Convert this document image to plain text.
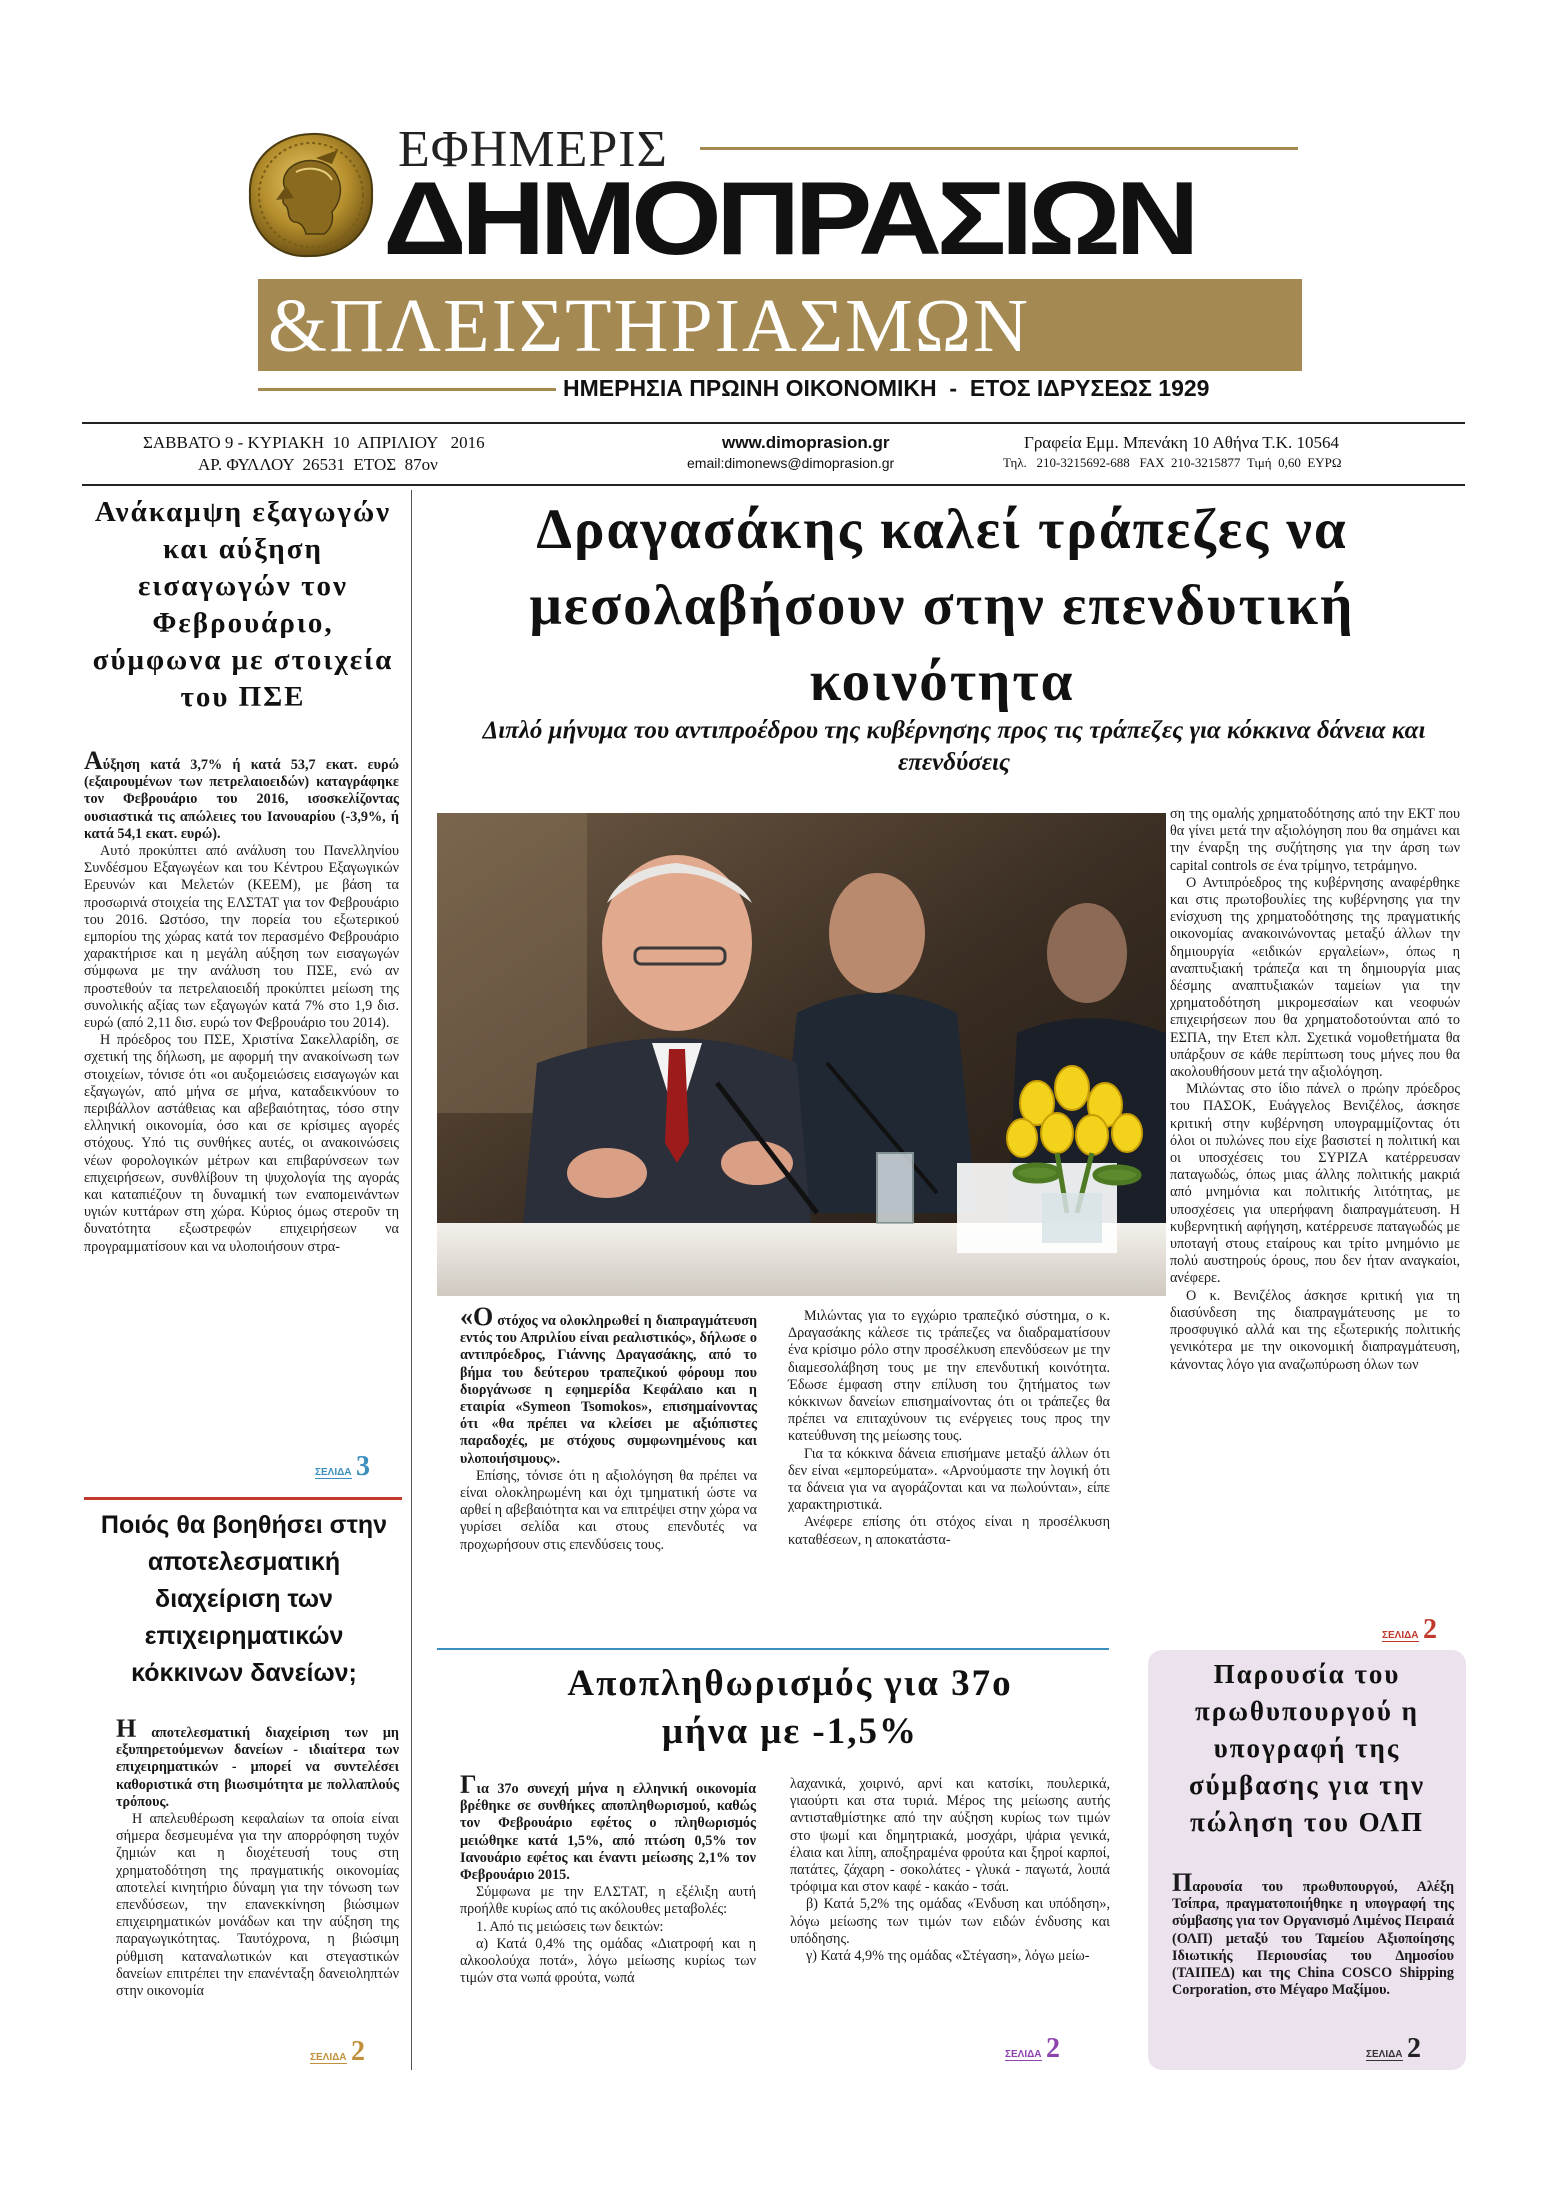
ΕΦΗΜΕΡΙΣ
ΔΗΜΟΠΡΑΣΙΩΝ
&ΠΛΕΙΣΤΗΡΙΑΣΜΩΝ
ΗΜΕΡΗΣΙΑ ΠΡΩΙΝΗ ΟΙΚΟΝΟΜΙΚΗ  -  ΕΤΟΣ ΙΔΡΥΣΕΩΣ 1929
ΣΑΒΒΑΤΟ 9 - ΚΥΡΙΑΚΗ  10  ΑΠΡΙΛΙΟΥ   2016
ΑΡ. ΦΥΛΛΟΥ  26531  ΕΤΟΣ  87ον
www.dimoprasion.gr
email:dimonews@dimoprasion.gr
Γραφεία Εμμ. Μπενάκη 10 Αθήνα Τ.Κ. 10564
Τηλ.   210-3215692-688   FAX  210-3215877  Τιμή  0,60  ΕΥΡΩ
Ανάκαμψη εξαγωγών και αύξηση εισαγωγών τον Φεβρουάριο, σύμφωνα με στοιχεία του ΠΣΕ

Αύξηση κατά 3,7% ή κατά 53,7 εκατ. ευρώ (εξαιρουμένων των πετρελαιοειδών) καταγράφηκε τον Φεβρουάριο του 2016, ισοσκελίζοντας ουσιαστικά τις απώλειες του Ιανουαρίου (-3,9%, ή κατά 54,1 εκατ. ευρώ).

Αυτό προκύπτει από ανάλυση του Πανελληνίου Συνδέσμου Εξαγωγέων και του Κέντρου Εξαγωγικών Ερευνών και Μελετών (ΚΕΕΜ), με βάση τα προσωρινά στοιχεία της ΕΛΣΤΑΤ για τον Φεβρουάριο του 2016. Ωστόσο, την πορεία του εξωτερικού εμπορίου της χώρας κατά τον περασμένο Φεβρουάριο χαρακτήρισε και η μεγάλη αύξηση των εισαγωγών σύμφωνα με την ανάλυση του ΠΣΕ, ενώ αν προστεθούν τα πετρελαιοειδή προκύπτει μείωση της συνολικής αξίας των εξαγωγών κατά 7% στο 1,9 δισ. ευρώ (από 2,11 δισ. ευρώ τον Φεβρουάριο του 2014).

Η πρόεδρος του ΠΣΕ, Χριστίνα Σακελλαρίδη, σε σχετική της δήλωση, με αφορμή την ανακοίνωση των στοιχείων, τόνισε ότι «οι αυξομειώσεις εισαγωγών και εξαγωγών, από μήνα σε μήνα, καταδεικνύουν το περιβάλλον αστάθειας και αβεβαιότητας, τόσο στην ελληνική οικονομία, όσο και σε κρίσιμες αγορές στόχους. Υπό τις συνθήκες αυτές, οι ανακοινώσεις νέων φορολογικών μέτρων και επιβαρύνσεων των επιχειρήσεων, συνθλίβουν τη ψυχολογία της αγοράς και καταπιέζουν τη δυναμική των εναπομεινάντων υγιών κυττάρων στη χώρα. Κύριος όμως στεροῦν τη δυνατότητα εξωστρεφών επιχειρήσεων να προγραμματίσουν και να υλοποιήσουν στρα-

ΣΕΛΙΔΑ 3
Ποιός θα βοηθήσει στην αποτελεσματική διαχείριση των επιχειρηματικών κόκκινων δανείων;

Η αποτελεσματική διαχείριση των μη εξυπηρετούμενων δανείων - ιδιαίτερα των επιχειρηματικών - μπορεί να συντελέσει καθοριστικά στη βιωσιμότητα με πολλαπλούς τρόπους.

Η απελευθέρωση κεφαλαίων τα οποία είναι σήμερα δεσμευμένα για την απορρόφηση τυχόν ζημιών και η διοχέτευσή τους στη χρηματοδότηση της πραγματικής οικονομίας αποτελεί κινητήριο δύναμη για την τόνωση των επενδύσεων, την επανεκκίνηση βιώσιμων επιχειρηματικών μονάδων και την αύξηση της παραγωγικότητας. Ταυτόχρονα, η βιώσιμη ρύθμιση καταναλωτικών και στεγαστικών δανείων επιτρέπει την επανένταξη δανειοληπτών στην οικονομία

ΣΕΛΙΔΑ 2
Δραγασάκης καλεί τράπεζες να μεσολαβήσουν στην επενδυτική κοινότητα
Διπλό μήνυμα του αντιπροέδρου της κυβέρνησης προς τις τράπεζες για κόκκινα δάνεια και επενδύσεις

«Ο στόχος να ολοκληρωθεί η διαπραγμάτευση εντός του Απριλίου είναι ρεαλιστικός», δήλωσε ο αντιπρόεδρος, Γιάννης Δραγασάκης, από το βήμα του δεύτερου τραπεζικού φόρουμ που διοργάνωσε η εφημερίδα Κεφάλαιο και η εταιρία «Symeon Tsomokos», επισημαίνοντας ότι «θα πρέπει να κλείσει με αξιόπιστες παραδοχές, με στόχους συμφωνημένους και υλοποιήσιμους».

Επίσης, τόνισε ότι η αξιολόγηση θα πρέπει να είναι ολοκληρωμένη και όχι τμηματική ώστε να αρθεί η αβεβαιότητα και να επιτρέψει στην χώρα να γυρίσει σελίδα και στους επενδυτές να προχωρήσουν στις επενδύσεις τους.

Μιλώντας για το εγχώριο τραπεζικό σύστημα, ο κ. Δραγασάκης κάλεσε τις τράπεζες να διαδραματίσουν ένα κρίσιμο ρόλο στην προσέλκυση επενδύσεων με την διαμεσολάβηση τους με την επενδυτική κοινότητα. Έδωσε έμφαση στην επίλυση του ζητήματος των κόκκινων δανείων επισημαίνοντας ότι οι τράπεζες θα πρέπει να επιταχύνουν τις ενέργειες τους προς την κατεύθυνση της μείωσης τους.

Για τα κόκκινα δάνεια επισήμανε μεταξύ άλλων ότι δεν είναι «εμπορεύματα». «Αρνούμαστε την λογική ότι τα δάνεια για να αγοράζονται και να πωλούνται», είπε χαρακτηριστικά.

Ανέφερε επίσης ότι στόχος είναι η προσέλκυση καταθέσεων, η αποκατάστα-

ση της ομαλής χρηματοδότησης από την ΕΚΤ που θα γίνει μετά την αξιολόγηση που θα σημάνει και την έναρξη της συζήτησης για την άρση των capital controls σε ένα τρίμηνο, τετράμηνο.

Ο Αντιπρόεδρος της κυβέρνησης αναφέρθηκε και στις πρωτοβουλίες της κυβέρνησης για την ενίσχυση της χρηματοδότησης της πραγματικής οικονομίας ανακοινώνοντας μεταξύ άλλων την δημιουργία «ειδικών εργαλείων», όπως η αναπτυξιακή τράπεζα και τη δημιουργία μιας δέσμης αναπτυξιακών ταμείων για την χρηματοδότηση μικρομεσαίων και νεοφυών επιχειρήσεων που θα χρηματοδοτούνται από το ΕΣΠΑ, την Ετεπ κλπ. Σχετικά νομοθετήματα θα υπάρξουν σε κάθε περίπτωση τους μήνες που θα ακολουθήσουν μετά την αξιολόγηση.

Μιλώντας στο ίδιο πάνελ ο πρώην πρόεδρος του ΠΑΣΟΚ, Ευάγγελος Βενιζέλος, άσκησε κριτική στην κυβέρνηση υπογραμμίζοντας ότι όλοι οι πυλώνες που είχε βασιστεί η πολιτική και οι υποσχέσεις του ΣΥΡΙΖΑ κατέρρευσαν παταγωδώς, όπως μιας άλλης πολιτικής μακριά από μνημόνια και πολιτικής λιτότητας, με υποσχέσεις για υπερήφανη διαπραγμάτευση. Η κυβερνητική αφήγηση, κατέρρευσε παταγωδώς με υποταγή στους εταίρους και τρίτο μνημόνιο με πολύ αυστηρούς όρους, που δεν ήταν αναγκαίοι, ανέφερε.

Ο κ. Βενιζέλος άσκησε κριτική για τη διασύνδεση της διαπραγμάτευσης με το προσφυγικό αλλά και της εξωτερικής πολιτικής γενικότερα με την οικονομική διαπραγμάτευση, κάνοντας λόγο για αναζωπύρωση όλων των

ΣΕΛΙΔΑ 2
Αποπληθωρισμός για 37ο μήνα με -1,5%

Για 37ο συνεχή μήνα η ελληνική οικονομία βρέθηκε σε συνθήκες αποπληθωρισμού, καθώς τον Φεβρουάριο εφέτος ο πληθωρισμός μειώθηκε κατά 1,5%, από πτώση 0,5% τον Ιανουάριο εφέτος και έναντι μείωσης 2,1% τον Φεβρουάριο 2015.

Σύμφωνα με την ΕΛΣΤΑΤ, η εξέλιξη αυτή προήλθε κυρίως από τις ακόλουθες μεταβολές:

1. Από τις μειώσεις των δεικτών:

α) Κατά 0,4% της ομάδας «Διατροφή και η αλκοολούχα ποτά», λόγω μείωσης κυρίως των τιμών στα νωπά φρούτα, νωπά

λαχανικά, χοιρινό, αρνί και κατσίκι, πουλερικά, γιαούρτι και στα τυριά. Μέρος της μείωσης αυτής αντισταθμίστηκε από την αύξηση κυρίως των τιμών στο ψωμί και δημητριακά, μοσχάρι, ψάρια γενικά, έλαια και λίπη, αποξηραμένα φρούτα και ξηροί καρποί, πατάτες, ζάχαρη - σοκολάτες - γλυκά - παγωτά, λοιπά τρόφιμα και στον καφέ - κακάο - τσάι.

β) Κατά 5,2% της ομάδας «Ένδυση και υπόδηση», λόγω μείωσης των τιμών των ειδών ένδυσης και υπόδησης.

γ) Κατά 4,9% της ομάδας «Στέγαση», λόγω μείω-

ΣΕΛΙΔΑ 2
Παρουσία του πρωθυπουργού η υπογραφή της σύμβασης για την πώληση του ΟΛΠ

Παρουσία του πρωθυπουργού, Αλέξη Τσίπρα, πραγματοποιήθηκε η υπογραφή της σύμβασης για τον Οργανισμό Λιμένος Πειραιά (ΟΛΠ) μεταξύ του Ταμείου Αξιοποίησης Ιδιωτικής Περιουσίας του Δημοσίου (ΤΑΙΠΕΔ) και της China COSCO Shipping Corporation, στο Μέγαρο Μαξίμου.

ΣΕΛΙΔΑ 2
